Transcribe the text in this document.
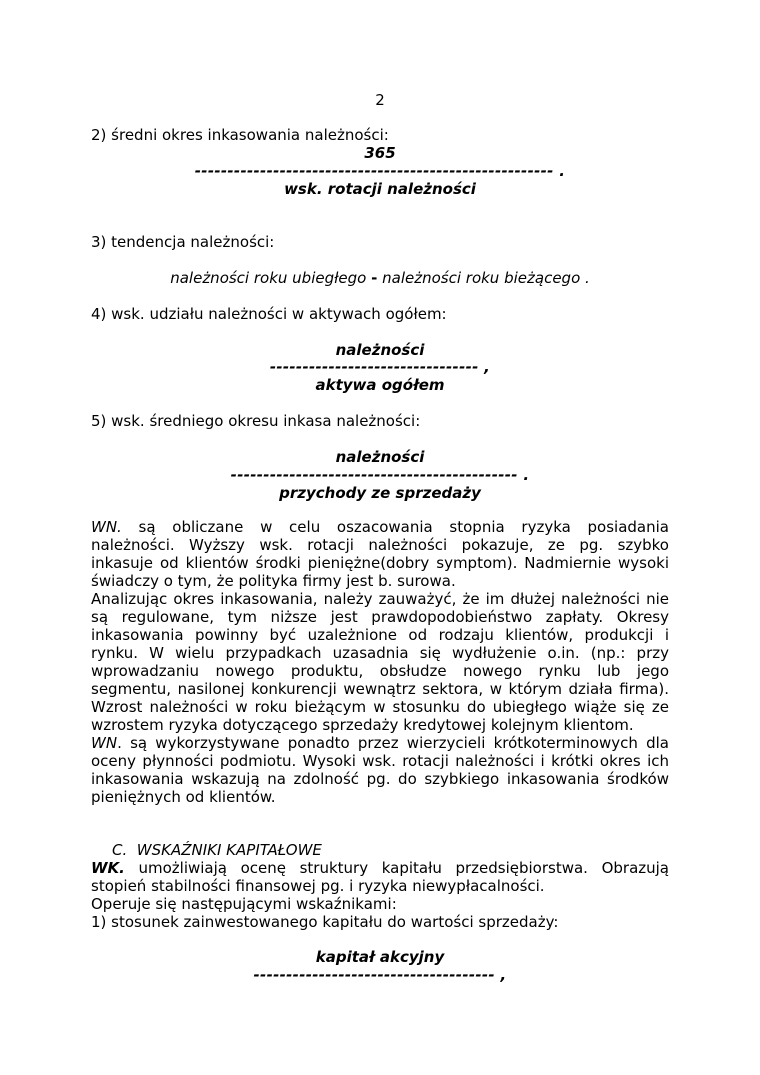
2
2) średni okres inkasowania należności:
365
------------------------------------------------------- .
wsk. rotacji należności
3) tendencja należności:
należności roku ubiegłego - należności roku bieżącego .
4) wsk. udziału należności w aktywach ogółem:
należności
-------------------------------- ,
aktywa ogółem
5) wsk. średniego okresu inkasa należności:
należności
-------------------------------------------- .
przychody ze sprzedaży
WN. są obliczane w celu oszacowania stopnia ryzyka posiadania
należności. Wyższy wsk. rotacji należności pokazuje, ze pg. szybko
inkasuje od klientów środki pieniężne(dobry symptom). Nadmiernie wysoki
świadczy o tym, że polityka firmy jest b. surowa.
Analizując okres inkasowania, należy zauważyć, że im dłużej należności nie
są regulowane, tym niższe jest prawdopodobieństwo zapłaty. Okresy
inkasowania powinny być uzależnione od rodzaju klientów, produkcji i
rynku. W wielu przypadkach uzasadnia się wydłużenie o.in. (np.: przy
wprowadzaniu nowego produktu, obsłudze nowego rynku lub jego
segmentu, nasilonej konkurencji wewnątrz sektora, w którym działa firma).
Wzrost należności w roku bieżącym w stosunku do ubiegłego wiąże się ze
wzrostem ryzyka dotyczącego sprzedaży kredytowej kolejnym klientom.
WN. są wykorzystywane ponadto przez wierzycieli krótkoterminowych dla
oceny płynności podmiotu. Wysoki wsk. rotacji należności i krótki okres ich
inkasowania wskazują na zdolność pg. do szybkiego inkasowania środków
pieniężnych od klientów.
C.  WSKAŹNIKI KAPITAŁOWE
WK. umożliwiają ocenę struktury kapitału przedsiębiorstwa. Obrazują
stopień stabilności finansowej pg. i ryzyka niewypłacalności.
Operuje się następującymi wskaźnikami:
1) stosunek zainwestowanego kapitału do wartości sprzedaży:
kapitał akcyjny
------------------------------------- ,
